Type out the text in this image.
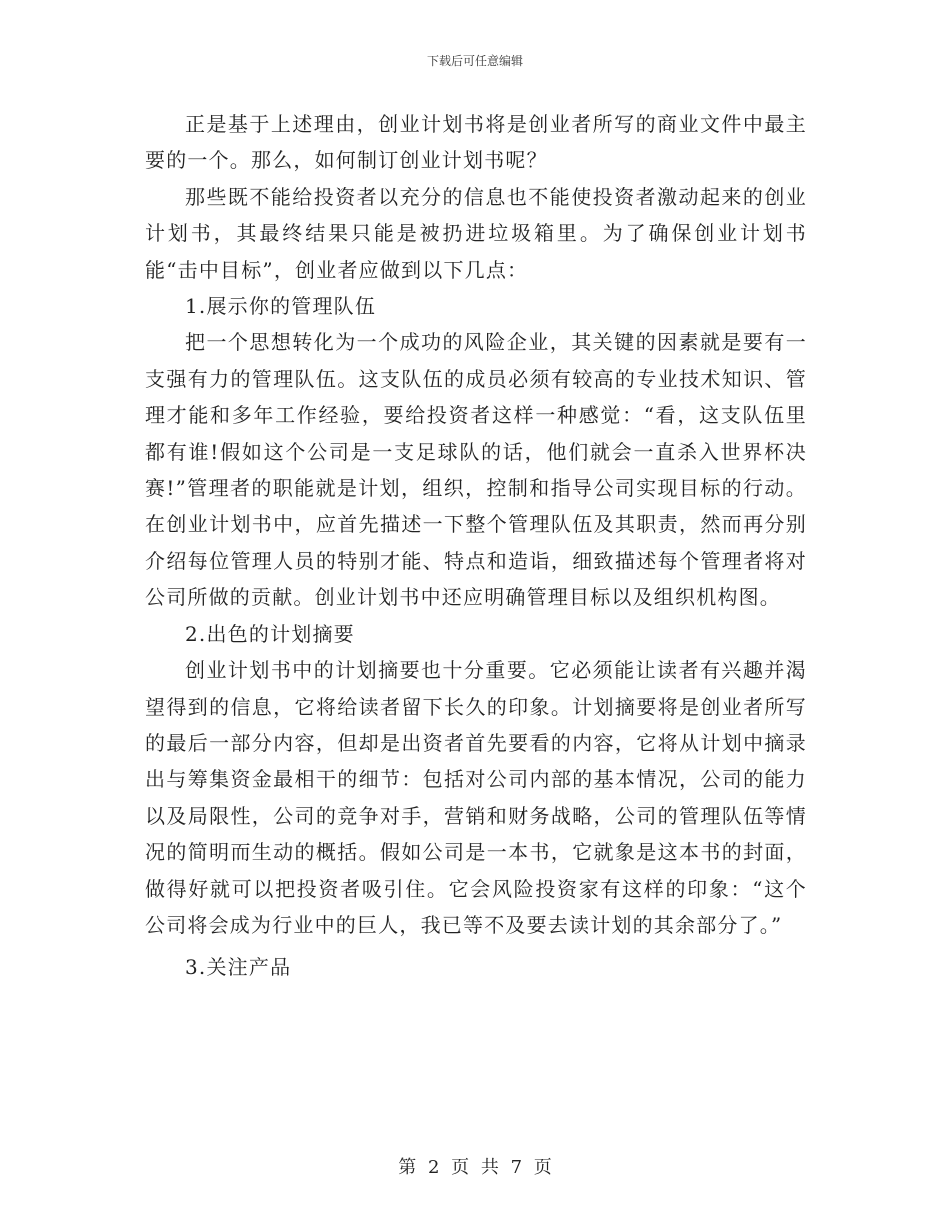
下载后可任意编辑

正是基于上述理由，创业计划书将是创业者所写的商业文件中最主要的一个。那么，如何制订创业计划书呢？

那些既不能给投资者以充分的信息也不能使投资者激动起来的创业计划书，其最终结果只能是被扔进垃圾箱里。为了确保创业计划书能“击中目标”，创业者应做到以下几点：

1.展示你的管理队伍

把一个思想转化为一个成功的风险企业，其关键的因素就是要有一支强有力的管理队伍。这支队伍的成员必须有较高的专业技术知识、管理才能和多年工作经验，要给投资者这样一种感觉：“看，这支队伍里都有谁!假如这个公司是一支足球队的话，他们就会一直杀入世界杯决赛!”管理者的职能就是计划，组织，控制和指导公司实现目标的行动。在创业计划书中，应首先描述一下整个管理队伍及其职责，然而再分别介绍每位管理人员的特别才能、特点和造诣，细致描述每个管理者将对公司所做的贡献。创业计划书中还应明确管理目标以及组织机构图。

2.出色的计划摘要

创业计划书中的计划摘要也十分重要。它必须能让读者有兴趣并渴望得到的信息，它将给读者留下长久的印象。计划摘要将是创业者所写的最后一部分内容，但却是出资者首先要看的内容，它将从计划中摘录出与筹集资金最相干的细节：包括对公司内部的基本情况，公司的能力以及局限性，公司的竞争对手，营销和财务战略，公司的管理队伍等情况的简明而生动的概括。假如公司是一本书，它就象是这本书的封面，做得好就可以把投资者吸引住。它会风险投资家有这样的印象：“这个公司将会成为行业中的巨人，我已等不及要去读计划的其余部分了。”

3.关注产品

第 2 页 共 7 页
